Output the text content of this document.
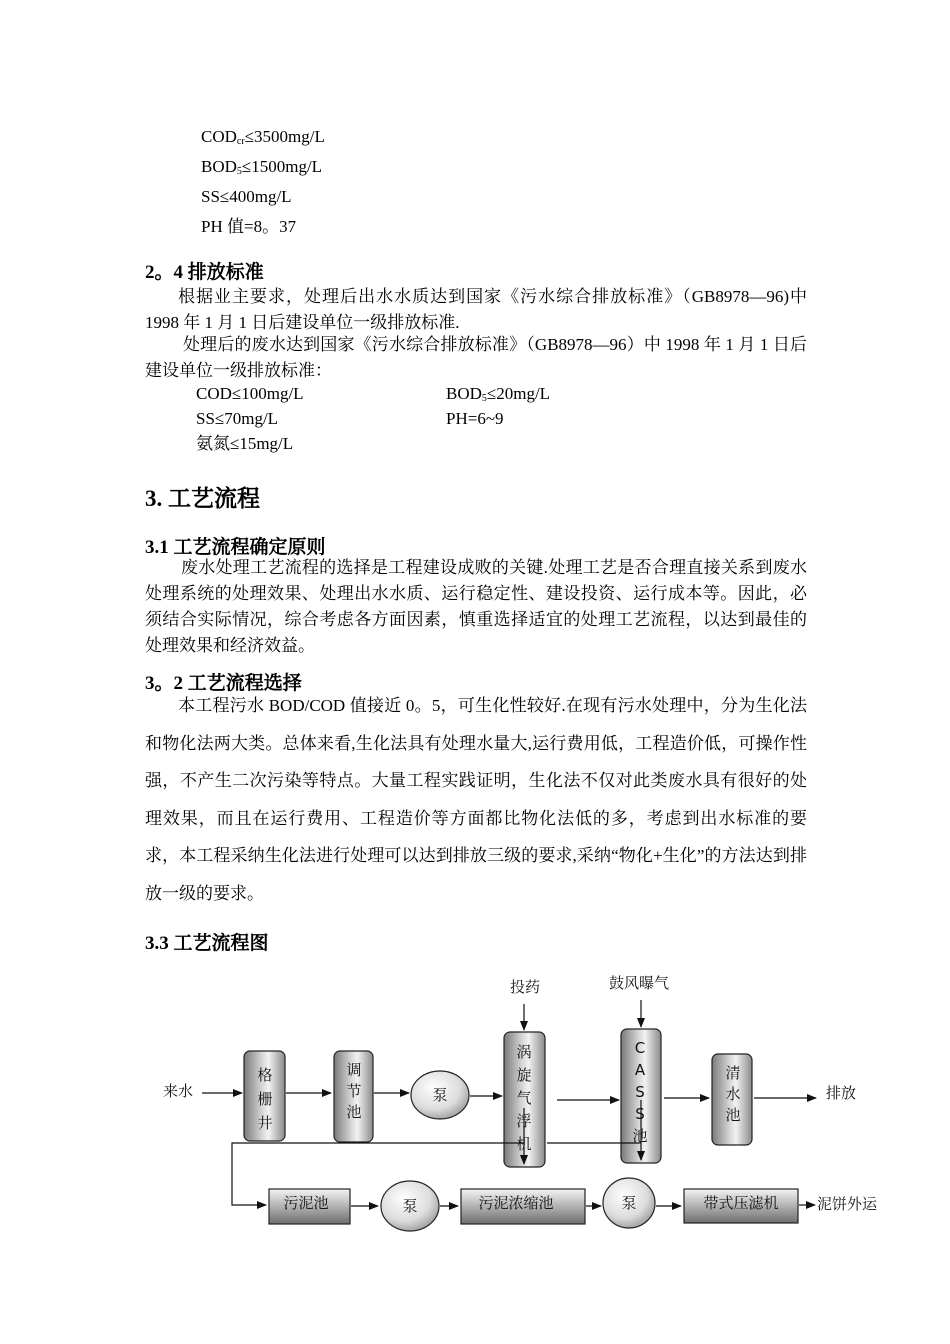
$COD_{cr}\le 3500mg/L$
$BOD_5\le 1500mg/L$
SS≤400mg/L
PH 值=8。37
2。4 排放标准
根据业主要求，处理后出水水质达到国家《污水综合排放标准》（GB8978—96)中 1998 年 1 月 1 日后建设单位一级排放标准.
处理后的废水达到国家《污水综合排放标准》（GB8978—96）中 1998 年 1 月 1 日后建设单位一级排放标准：
COD≤100mg/L	$BOD_5\le 20mg/L$
SS≤70mg/L	PH=6~9
氨氮≤15mg/L
3. 工艺流程
3.1 工艺流程确定原则
废水处理工艺流程的选择是工程建设成败的关键.处理工艺是否合理直接关系到废水处理系统的处理效果、处理出水水质、运行稳定性、建设投资、运行成本等。因此，必须结合实际情况，综合考虑各方面因素，慎重选择适宜的处理工艺流程，以达到最佳的处理效果和经济效益。
3。2 工艺流程选择
本工程污水 BOD/COD 值接近 0。5，可生化性较好.在现有污水处理中，分为生化法和物化法两大类。总体来看,生化法具有处理水量大,运行费用低，工程造价低，可操作性强，不产生二次污染等特点。大量工程实践证明，生化法不仅对此类废水具有很好的处理效果，而且在运行费用、工程造价等方面都比物化法低的多，考虑到出水标准的要求，本工程采纳生化法进行处理可以达到排放三级的要求,采纳“物化+生化”的方法达到排放一级的要求。
3.3 工艺流程图
来水
投药	鼓风曝气
排放
泥饼外运
格
栅
井
调
节
池
泵
涡
旋
气
浮
机
C
A
S
S
池
清
水
池
污泥池	泵	污泥浓缩池	泵	带式压滤机
